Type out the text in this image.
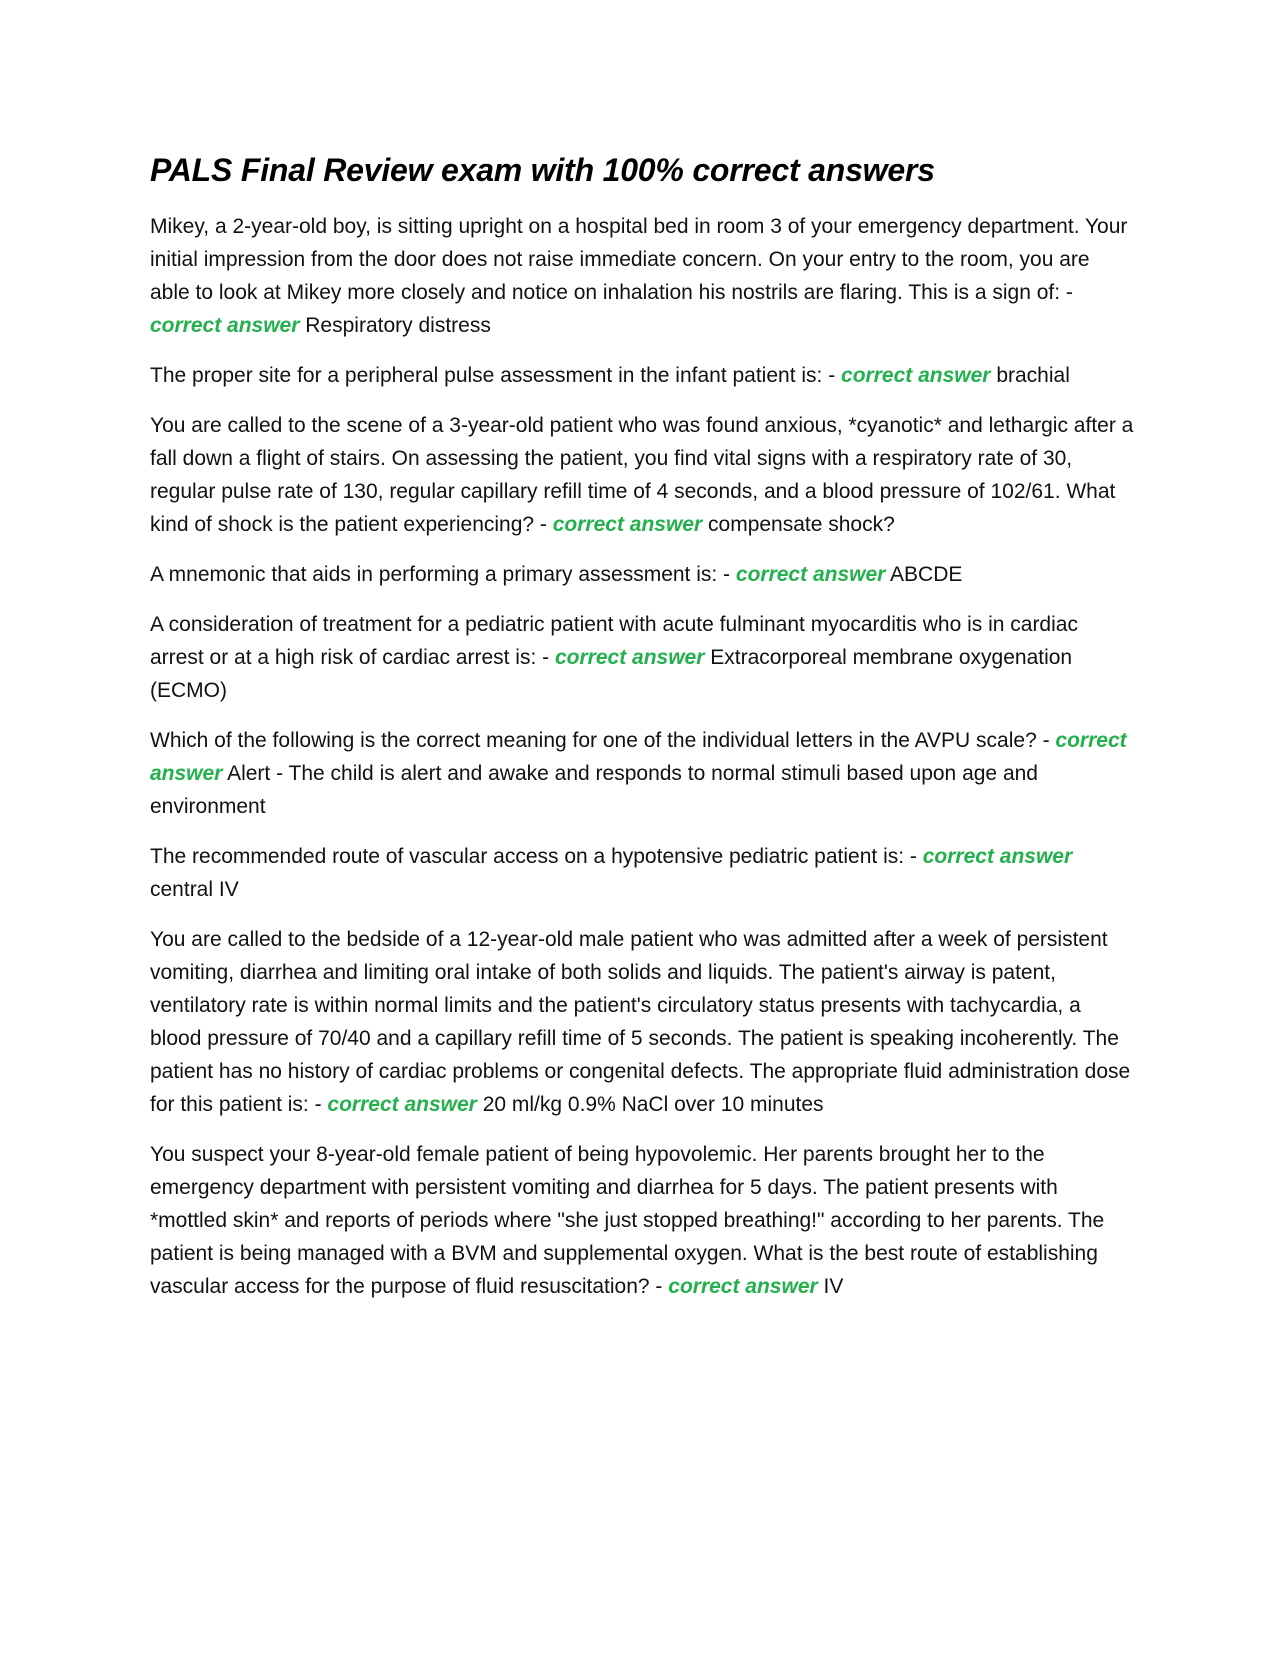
PALS Final Review exam with 100% correct answers

Mikey, a 2-year-old boy, is sitting upright on a hospital bed in room 3 of your emergency department. Your initial impression from the door does not raise immediate concern. On your entry to the room, you are able to look at Mikey more closely and notice on inhalation his nostrils are flaring. This is a sign of: - correct answer Respiratory distress

The proper site for a peripheral pulse assessment in the infant patient is: - correct answer brachial

You are called to the scene of a 3-year-old patient who was found anxious, *cyanotic* and lethargic after a fall down a flight of stairs. On assessing the patient, you find vital signs with a respiratory rate of 30, regular pulse rate of 130, regular capillary refill time of 4 seconds, and a blood pressure of 102/61. What kind of shock is the patient experiencing? - correct answer compensate shock?

A mnemonic that aids in performing a primary assessment is: - correct answer ABCDE

A consideration of treatment for a pediatric patient with acute fulminant myocarditis who is in cardiac arrest or at a high risk of cardiac arrest is: - correct answer Extracorporeal membrane oxygenation (ECMO)

Which of the following is the correct meaning for one of the individual letters in the AVPU scale? - correct answer Alert - The child is alert and awake and responds to normal stimuli based upon age and environment

The recommended route of vascular access on a hypotensive pediatric patient is: - correct answer central IV

You are called to the bedside of a 12-year-old male patient who was admitted after a week of persistent vomiting, diarrhea and limiting oral intake of both solids and liquids. The patient's airway is patent, ventilatory rate is within normal limits and the patient's circulatory status presents with tachycardia, a blood pressure of 70/40 and a capillary refill time of 5 seconds. The patient is speaking incoherently. The patient has no history of cardiac problems or congenital defects. The appropriate fluid administration dose for this patient is: - correct answer 20 ml/kg 0.9% NaCl over 10 minutes

You suspect your 8-year-old female patient of being hypovolemic. Her parents brought her to the emergency department with persistent vomiting and diarrhea for 5 days. The patient presents with *mottled skin* and reports of periods where "she just stopped breathing!" according to her parents. The patient is being managed with a BVM and supplemental oxygen. What is the best route of establishing vascular access for the purpose of fluid resuscitation? - correct answer IV
